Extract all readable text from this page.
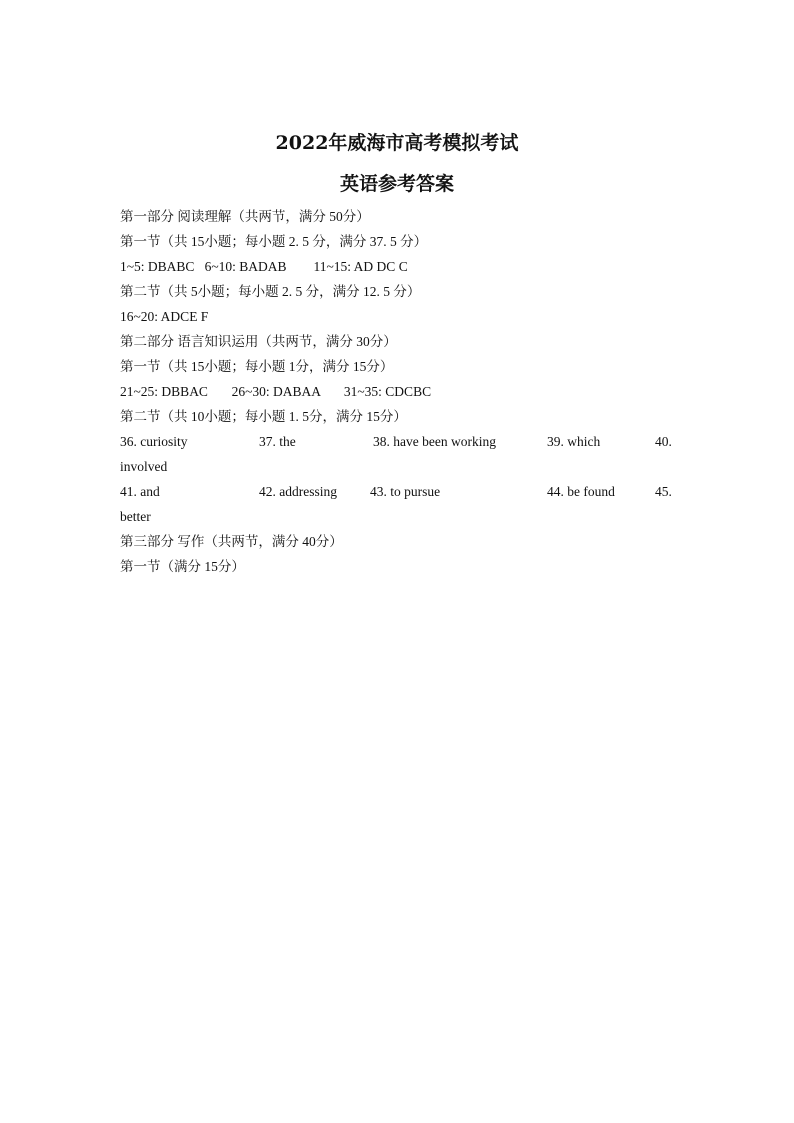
2022年威海市高考模拟考试
英语参考答案
第一部分 阅读理解（共两节，满分 50分）
第一节（共 15小题；每小题 2. 5 分，满分 37. 5 分）
1~5: DBABC   6~10: BADAB        11~15: AD DC C
第二节（共 5小题；每小题 2. 5 分，满分 12. 5 分）
16~20: ADCE F
第二部分 语言知识运用（共两节，满分 30分）
第一节（共 15小题；每小题 1分，满分 15分）
21~25: DBBAC       26~30: DABAA       31~35: CDCBC
第二节（共 10小题；每小题 1. 5分，满分 15分）
36. curiosity	37. the	38. have been working	39. which	40.
involved
41. and	42. addressing 43. to pursue	44. be found	45.
better
第三部分 写作（共两节，满分 40分）
第一节（满分 15分）
